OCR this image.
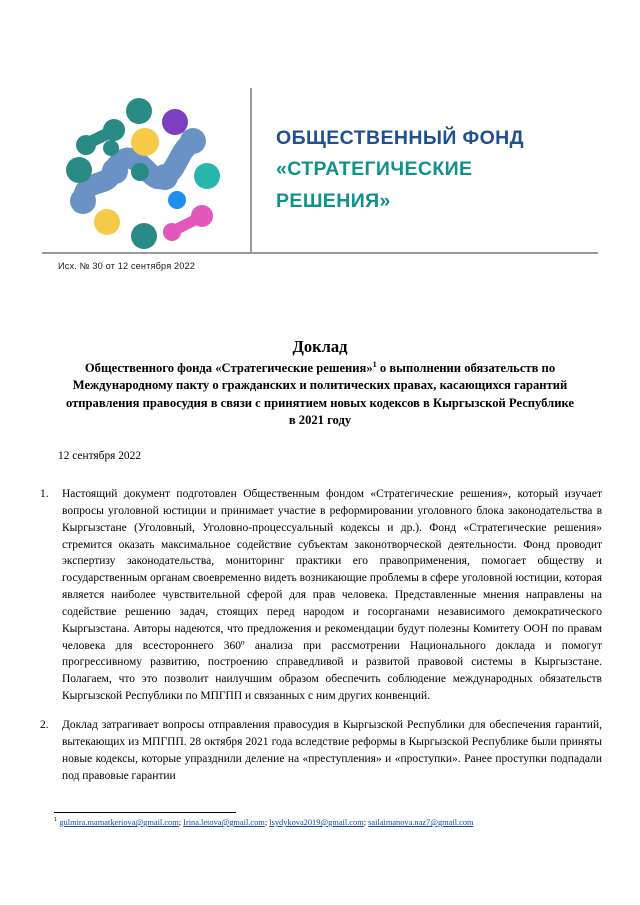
ОБЩЕСТВЕННЫЙ ФОНД
«СТРАТЕГИЧЕСКИЕ
РЕШЕНИЯ»
Исх. № 30 от 12 сентября 2022
Доклад
Общественного фонда «Стратегические решения»$^1$ о выполнении обязательств по Международному пакту о гражданских и политических правах, касающихся гарантий отправления правосудия в связи с принятием новых кодексов в Кыргызской Республике в 2021 году
12 сентября 2022
1.	Настоящий документ подготовлен Общественным фондом «Стратегические решения», который изучает вопросы уголовной юстиции и принимает участие в реформировании уголовного блока законодательства в Кыргызстане (Уголовный, Уголовно-процессуальный кодексы и др.). Фонд «Стратегические решения» стремится оказать максимальное содействие субъектам законотворческой деятельности. Фонд проводит экспертизу законодательства, мониторинг практики его правоприменения, помогает обществу и государственным органам своевременно видеть возникающие проблемы в сфере уголовной юстиции, которая является наиболее чувствительной сферой для прав человека. Представленные мнения направлены на содействие решению задач, стоящих перед народом и госорганами независимого демократического Кыргызстана. Авторы надеются, что предложения и рекомендации будут полезны Комитету ООН по правам человека для всестороннего 360º анализа при рассмотрении Национального доклада и помогут прогрессивному развитию, построению справедливой и развитой правовой системы в Кыргызстане. Полагаем, что это позволит наилучшим образом обеспечить соблюдение международных обязательств Кыргызской Республики по МПГПП и связанных с ним других конвенций.
2.	Доклад затрагивает вопросы отправления правосудия в Кыргызской Республики для обеспечения гарантий, вытекающих из МПГПП. 28 октября 2021 года вследствие реформы в Кыргызской Республике были приняты новые кодексы, которые упразднили деление на «преступления» и «проступки». Ранее проступки подпадали под правовые гарантии
$^1$ gulmira.mamatkeriova@gmail.com; Irina.letova@gmail.com; lsydykova2019@gmail.com; sailaimanova.naz7@gmail.com
